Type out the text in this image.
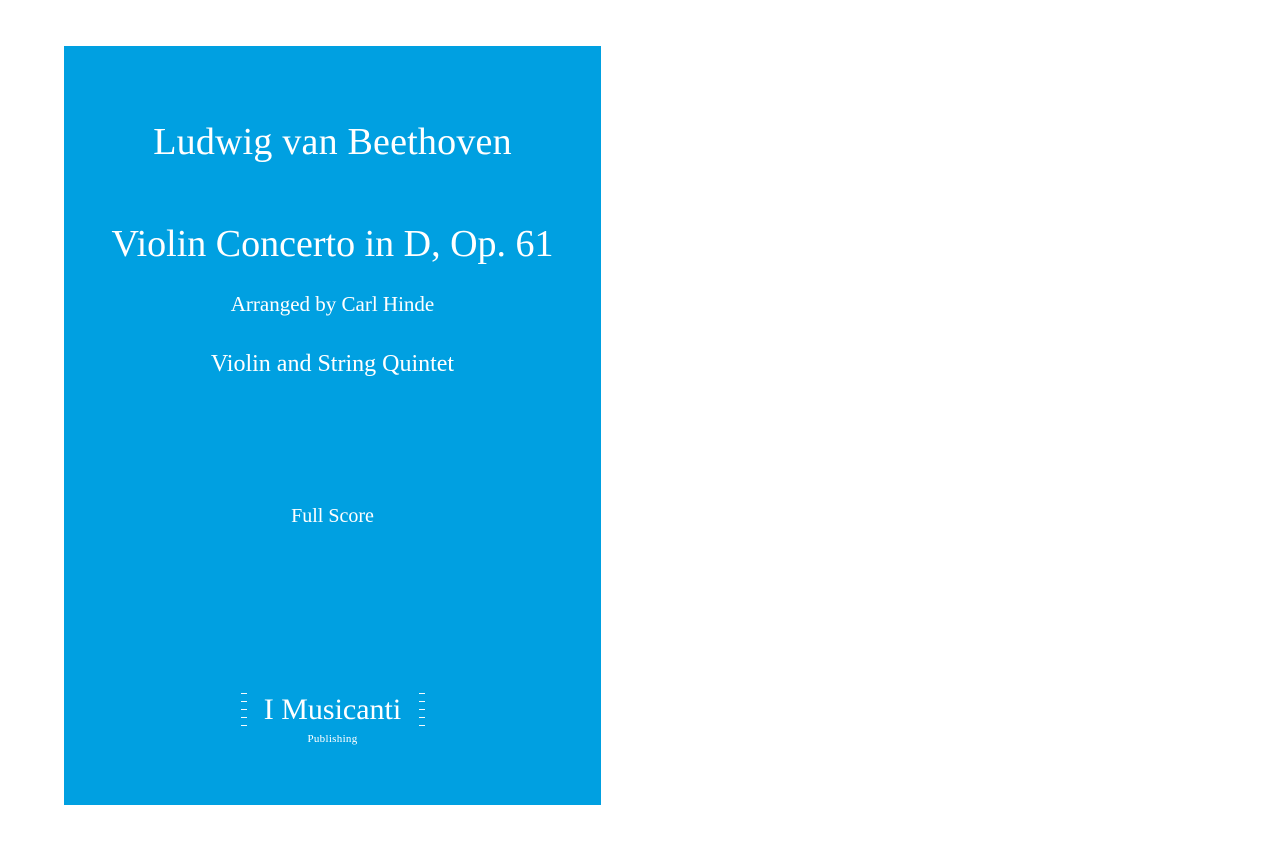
Ludwig van Beethoven
Violin Concerto in D, Op. 61
Arranged by Carl Hinde
Violin and String Quintet
Full Score
I Musicanti
Publishing
